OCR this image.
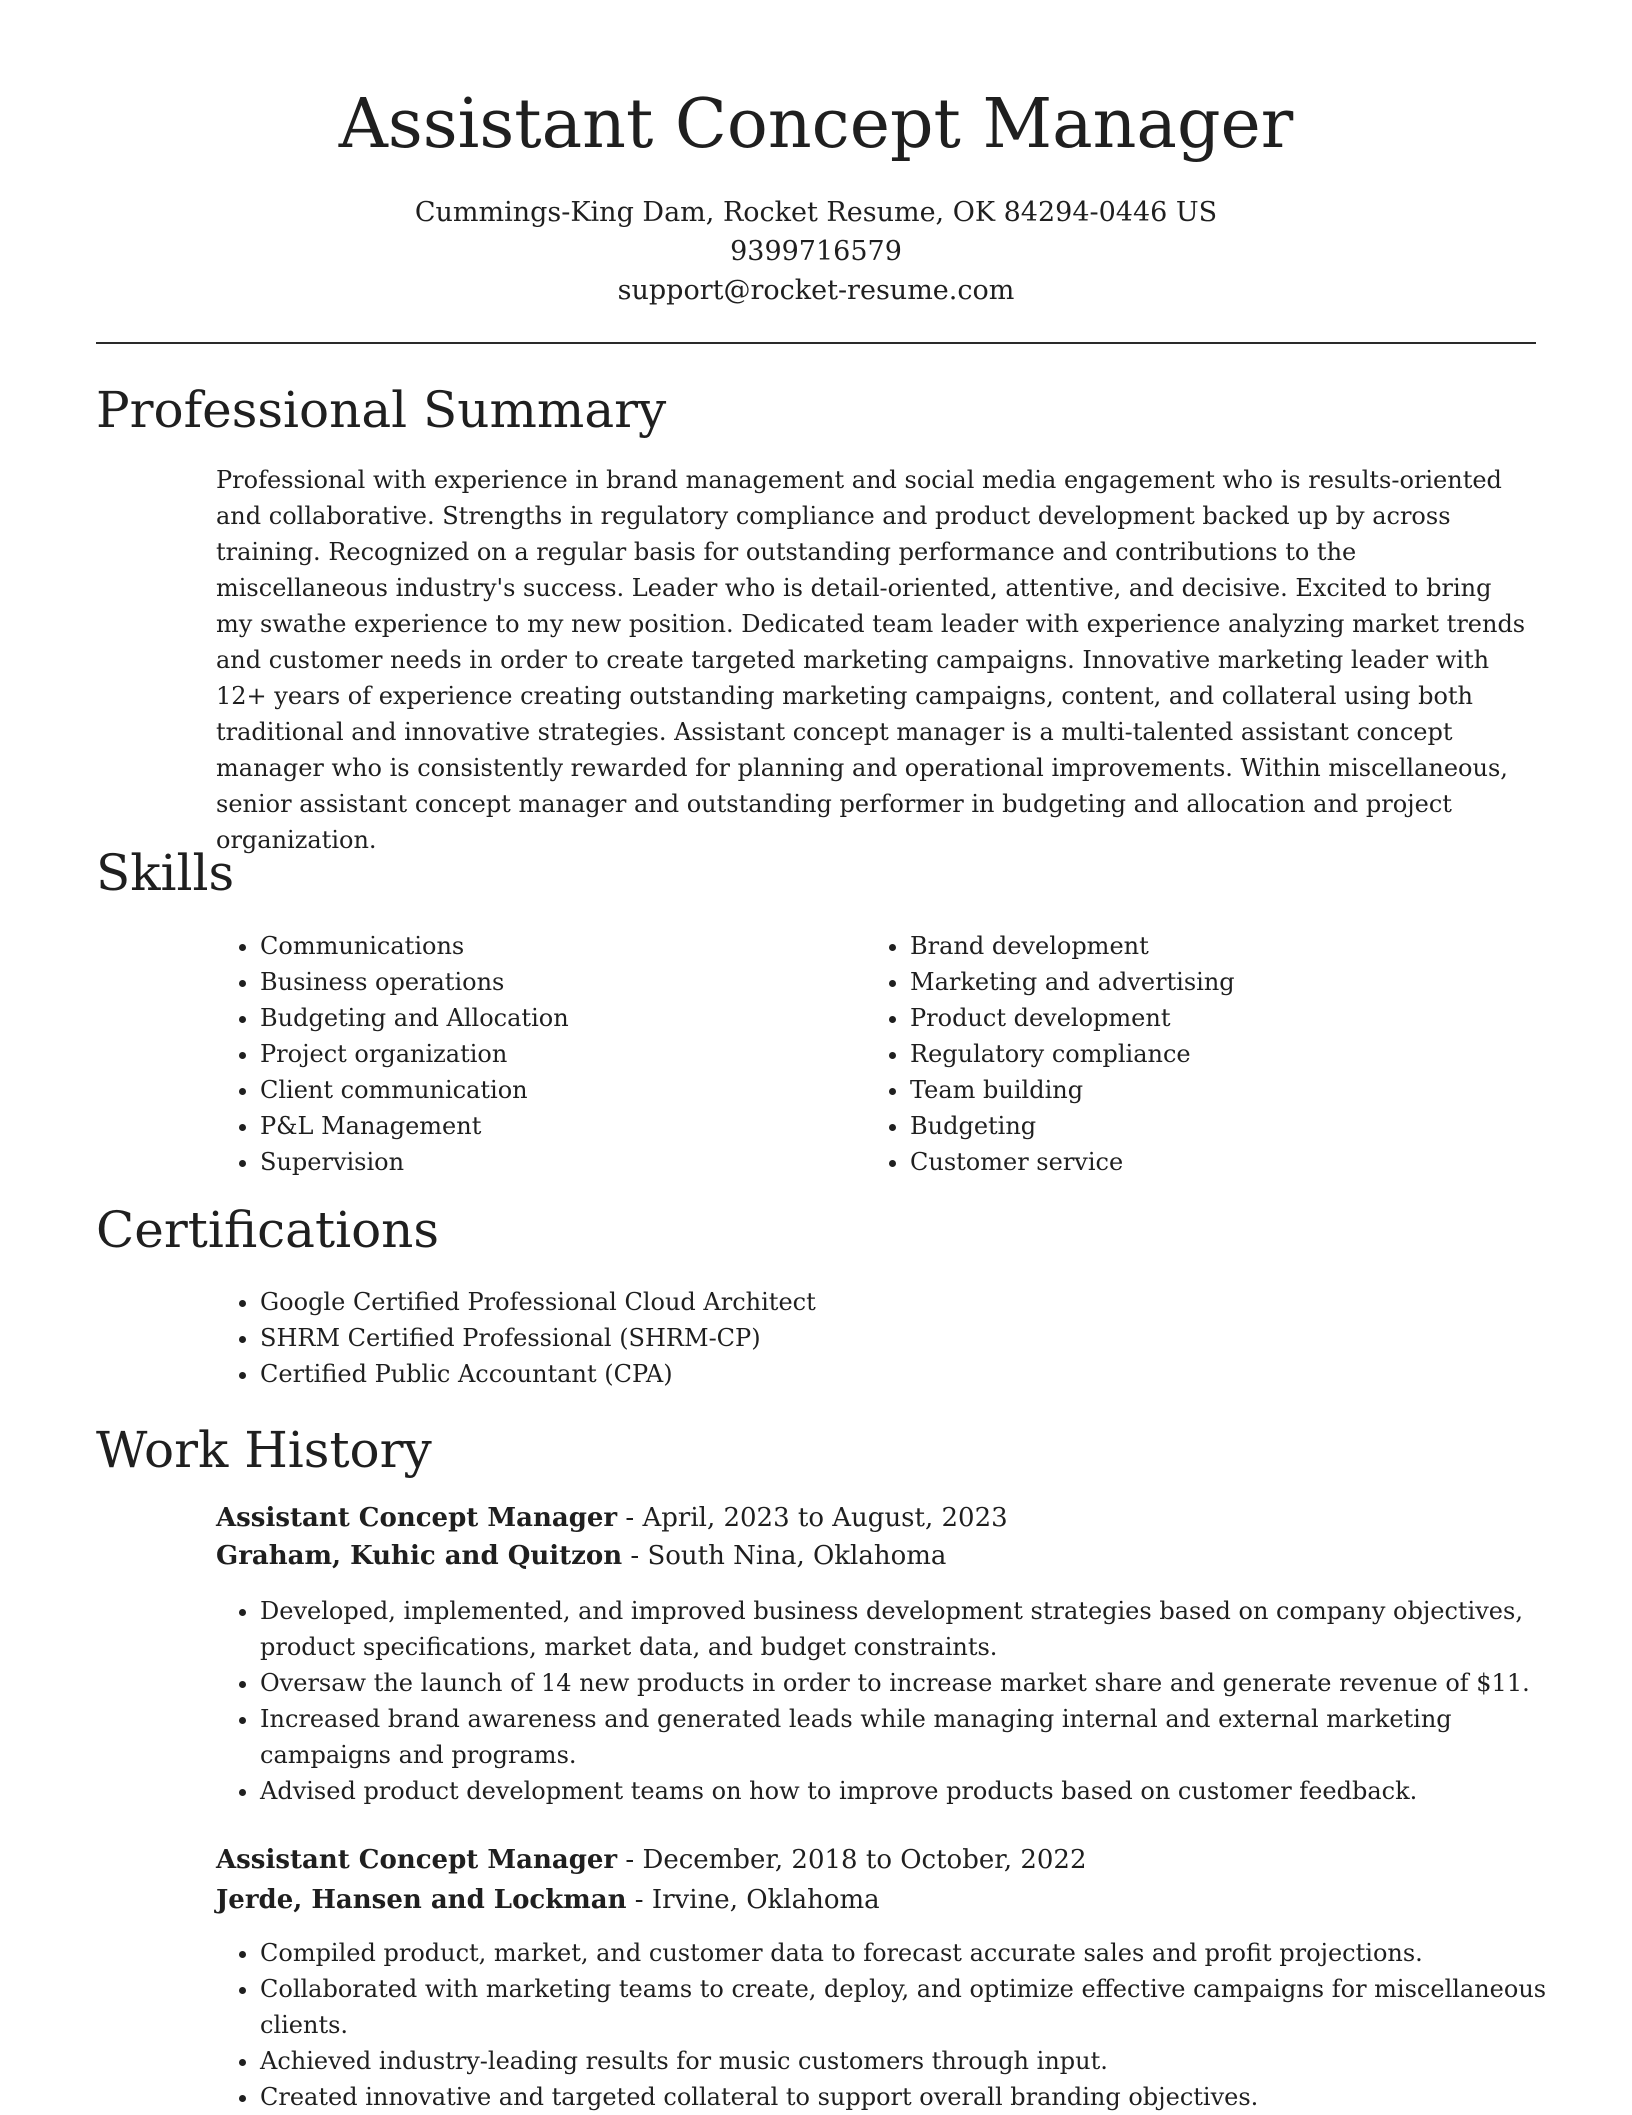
Assistant Concept Manager
Cummings-King Dam, Rocket Resume, OK 84294-0446 US
9399716579
support@rocket-resume.com
Professional Summary

Professional with experience in brand management and social media engagement who is results-oriented and collaborative. Strengths in regulatory compliance and product development backed up by across training. Recognized on a regular basis for outstanding performance and contributions to the miscellaneous industry's success. Leader who is detail-oriented, attentive, and decisive. Excited to bring my swathe experience to my new position. Dedicated team leader with experience analyzing market trends and customer needs in order to create targeted marketing campaigns. Innovative marketing leader with 12+ years of experience creating outstanding marketing campaigns, content, and collateral using both traditional and innovative strategies. Assistant concept manager is a multi-talented assistant concept manager who is consistently rewarded for planning and operational improvements. Within miscellaneous, senior assistant concept manager and outstanding performer in budgeting and allocation and project organization.

Skills
• Communications
• Business operations
• Budgeting and Allocation
• Project organization
• Client communication
• P&L Management
• Supervision
• Brand development
• Marketing and advertising
• Product development
• Regulatory compliance
• Team building
• Budgeting
• Customer service
Certifications
• Google Certified Professional Cloud Architect
• SHRM Certified Professional (SHRM-CP)
• Certified Public Accountant (CPA)
Work History
Assistant Concept Manager - April, 2023 to August, 2023
Graham, Kuhic and Quitzon - South Nina, Oklahoma
• Developed, implemented, and improved business development strategies based on company objectives, product specifications, market data, and budget constraints.
• Oversaw the launch of 14 new products in order to increase market share and generate revenue of $11.
• Increased brand awareness and generated leads while managing internal and external marketing campaigns and programs.
• Advised product development teams on how to improve products based on customer feedback.
Assistant Concept Manager - December, 2018 to October, 2022
Jerde, Hansen and Lockman - Irvine, Oklahoma
• Compiled product, market, and customer data to forecast accurate sales and profit projections.
• Collaborated with marketing teams to create, deploy, and optimize effective campaigns for miscellaneous clients.
• Achieved industry-leading results for music customers through input.
• Created innovative and targeted collateral to support overall branding objectives.
